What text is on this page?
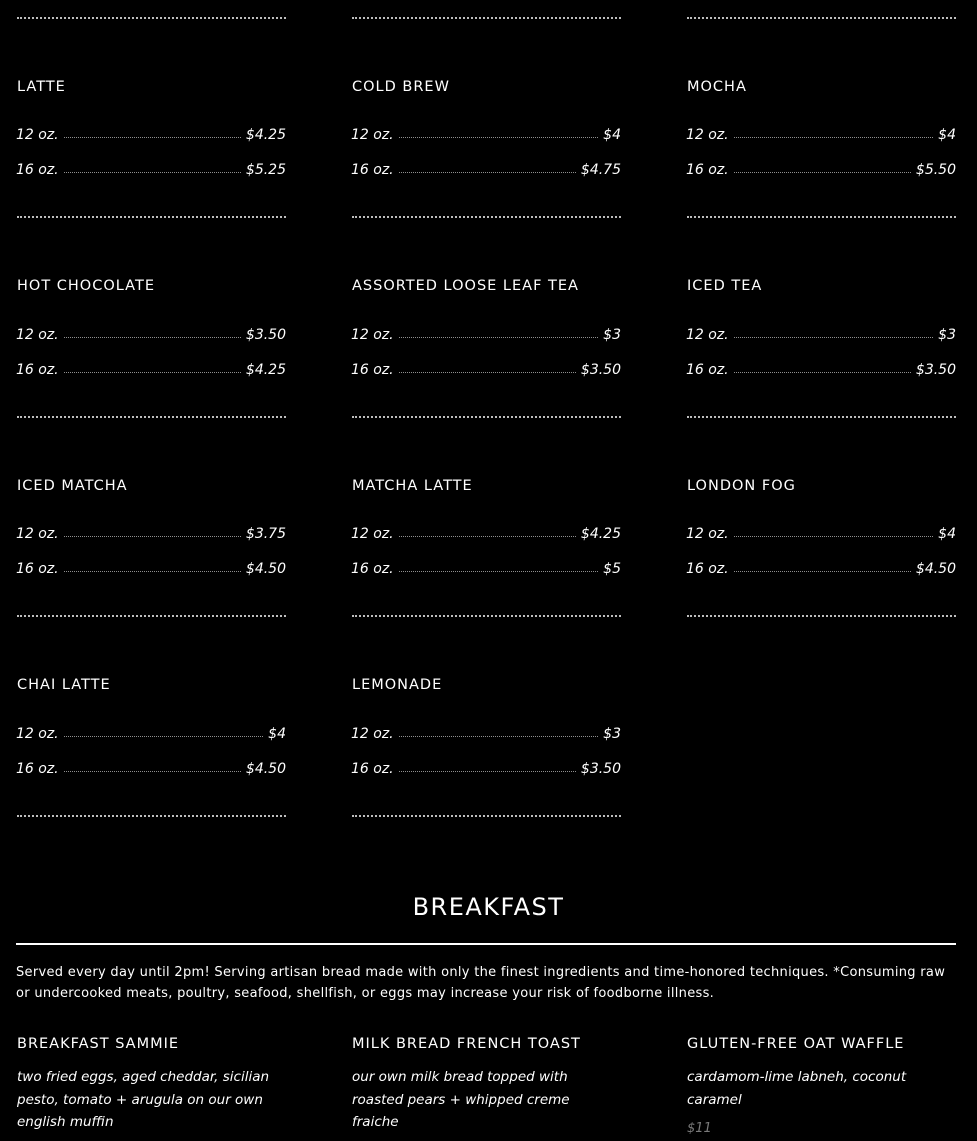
LATTE
12 oz.	$4.25
16 oz.	$5.25
COLD BREW
12 oz.	$4
16 oz.	$4.75
MOCHA
12 oz.	$4
16 oz.	$5.50
HOT CHOCOLATE
12 oz.	$3.50
16 oz.	$4.25
ASSORTED LOOSE LEAF TEA
12 oz.	$3
16 oz.	$3.50
ICED TEA
12 oz.	$3
16 oz.	$3.50
ICED MATCHA
12 oz.	$3.75
16 oz.	$4.50
MATCHA LATTE
12 oz.	$4.25
16 oz.	$5
LONDON FOG
12 oz.	$4
16 oz.	$4.50
CHAI LATTE
12 oz.	$4
16 oz.	$4.50
LEMONADE
12 oz.	$3
16 oz.	$3.50
BREAKFAST
Served every day until 2pm! Serving artisan bread made with only the finest ingredients and time-honored techniques. *Consuming raw or undercooked meats, poultry, seafood, shellfish, or eggs may increase your risk of foodborne illness.
BREAKFAST SAMMIE
two fried eggs, aged cheddar, sicilian pesto, tomato + arugula on our own english muffin
MILK BREAD FRENCH TOAST
our own milk bread topped with roasted pears + whipped creme fraiche
GLUTEN-FREE OAT WAFFLE
cardamom-lime labneh, coconut caramel
$11
